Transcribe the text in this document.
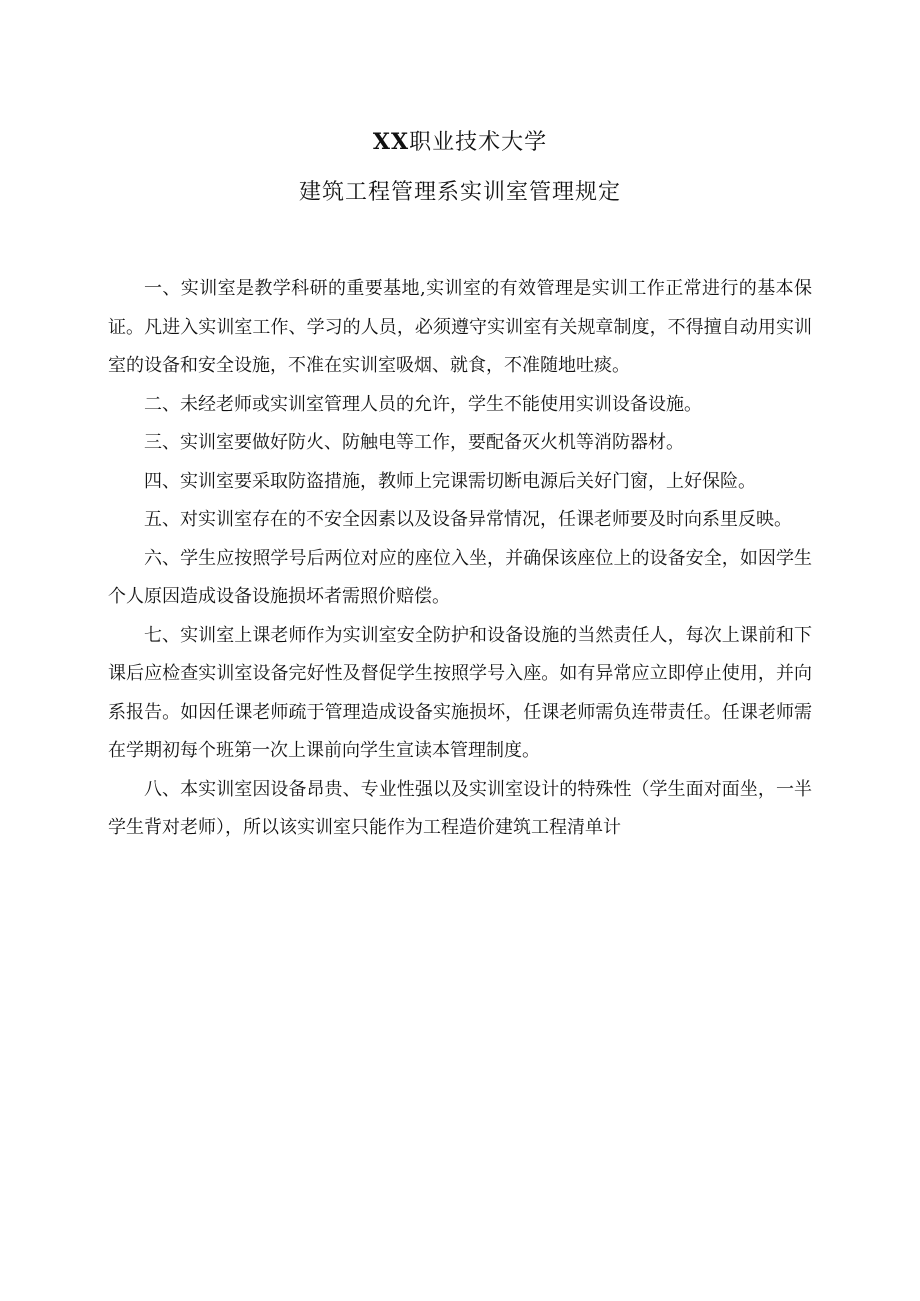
XX职业技术大学
建筑工程管理系实训室管理规定

一、实训室是教学科研的重要基地,实训室的有效管理是实训工作正常进行的基本保证。凡进入实训室工作、学习的人员，必须遵守实训室有关规章制度，不得擅自动用实训室的设备和安全设施，不准在实训室吸烟、就食，不准随地吐痰。

二、未经老师或实训室管理人员的允许，学生不能使用实训设备设施。

三、实训室要做好防火、防触电等工作，要配备灭火机等消防器材。

四、实训室要采取防盗措施，教师上完课需切断电源后关好门窗，上好保险。

五、对实训室存在的不安全因素以及设备异常情况，任课老师要及时向系里反映。

六、学生应按照学号后两位对应的座位入坐，并确保该座位上的设备安全，如因学生个人原因造成设备设施损坏者需照价赔偿。

七、实训室上课老师作为实训室安全防护和设备设施的当然责任人，每次上课前和下课后应检查实训室设备完好性及督促学生按照学号入座。如有异常应立即停止使用，并向系报告。如因任课老师疏于管理造成设备实施损坏，任课老师需负连带责任。任课老师需在学期初每个班第一次上课前向学生宣读本管理制度。

八、本实训室因设备昂贵、专业性强以及实训室设计的特殊性（学生面对面坐，一半学生背对老师），所以该实训室只能作为工程造价建筑工程清单计
